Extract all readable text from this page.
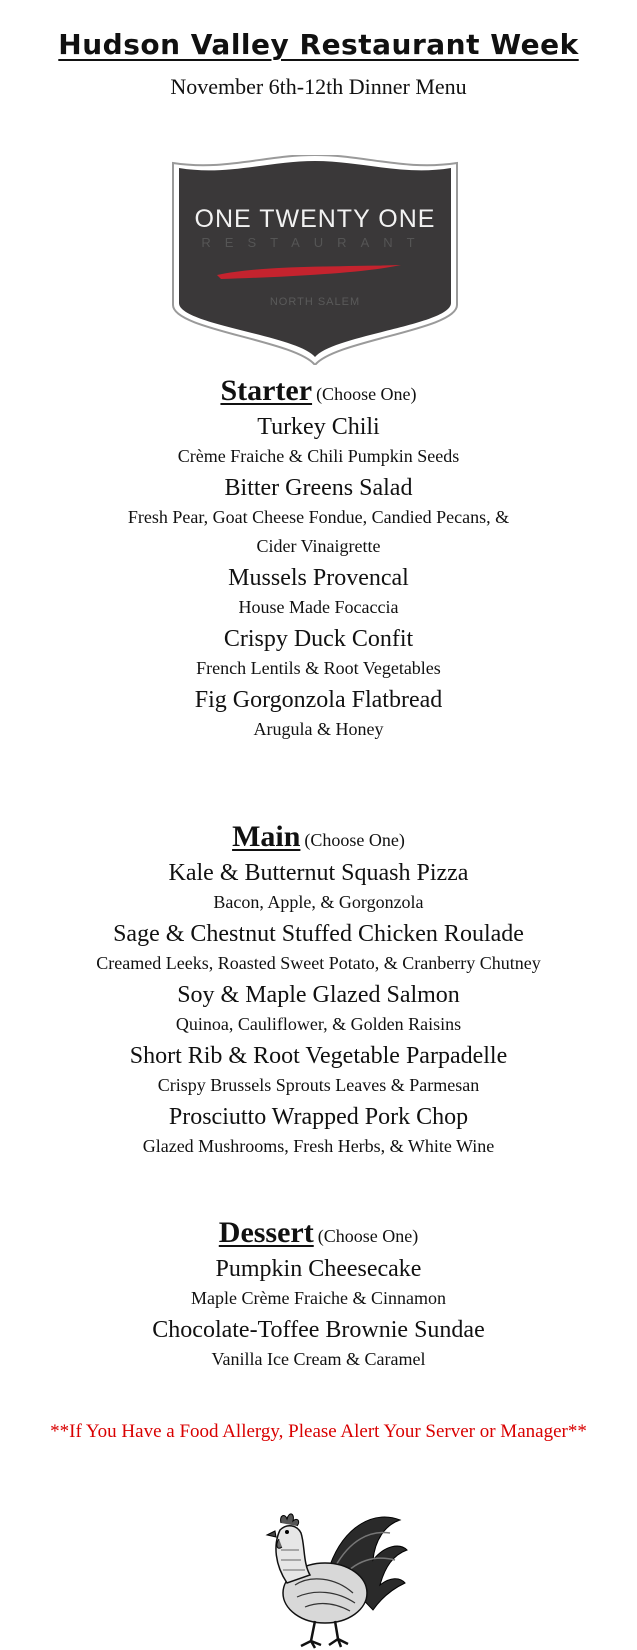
Hudson Valley Restaurant Week
November 6th-12th Dinner Menu
ONE TWENTY ONE
RESTAURANT
NORTH SALEM
Starter (Choose One)
Turkey Chili
Crème Fraiche & Chili Pumpkin Seeds
Bitter Greens Salad
Fresh Pear, Goat Cheese Fondue, Candied Pecans, &
Cider Vinaigrette
Mussels Provencal
House Made Focaccia
Crispy Duck Confit
French Lentils & Root Vegetables
Fig Gorgonzola Flatbread
Arugula & Honey
Main (Choose One)
Kale & Butternut Squash Pizza
Bacon, Apple, & Gorgonzola
Sage & Chestnut Stuffed Chicken Roulade
Creamed Leeks, Roasted Sweet Potato, & Cranberry Chutney
Soy & Maple Glazed Salmon
Quinoa, Cauliflower, & Golden Raisins
Short Rib & Root Vegetable Parpadelle
Crispy Brussels Sprouts Leaves & Parmesan
Prosciutto Wrapped Pork Chop
Glazed Mushrooms, Fresh Herbs, & White Wine
Dessert (Choose One)
Pumpkin Cheesecake
Maple Crème Fraiche & Cinnamon
Chocolate-Toffee Brownie Sundae
Vanilla Ice Cream & Caramel
**If You Have a Food Allergy, Please Alert Your Server or Manager**
